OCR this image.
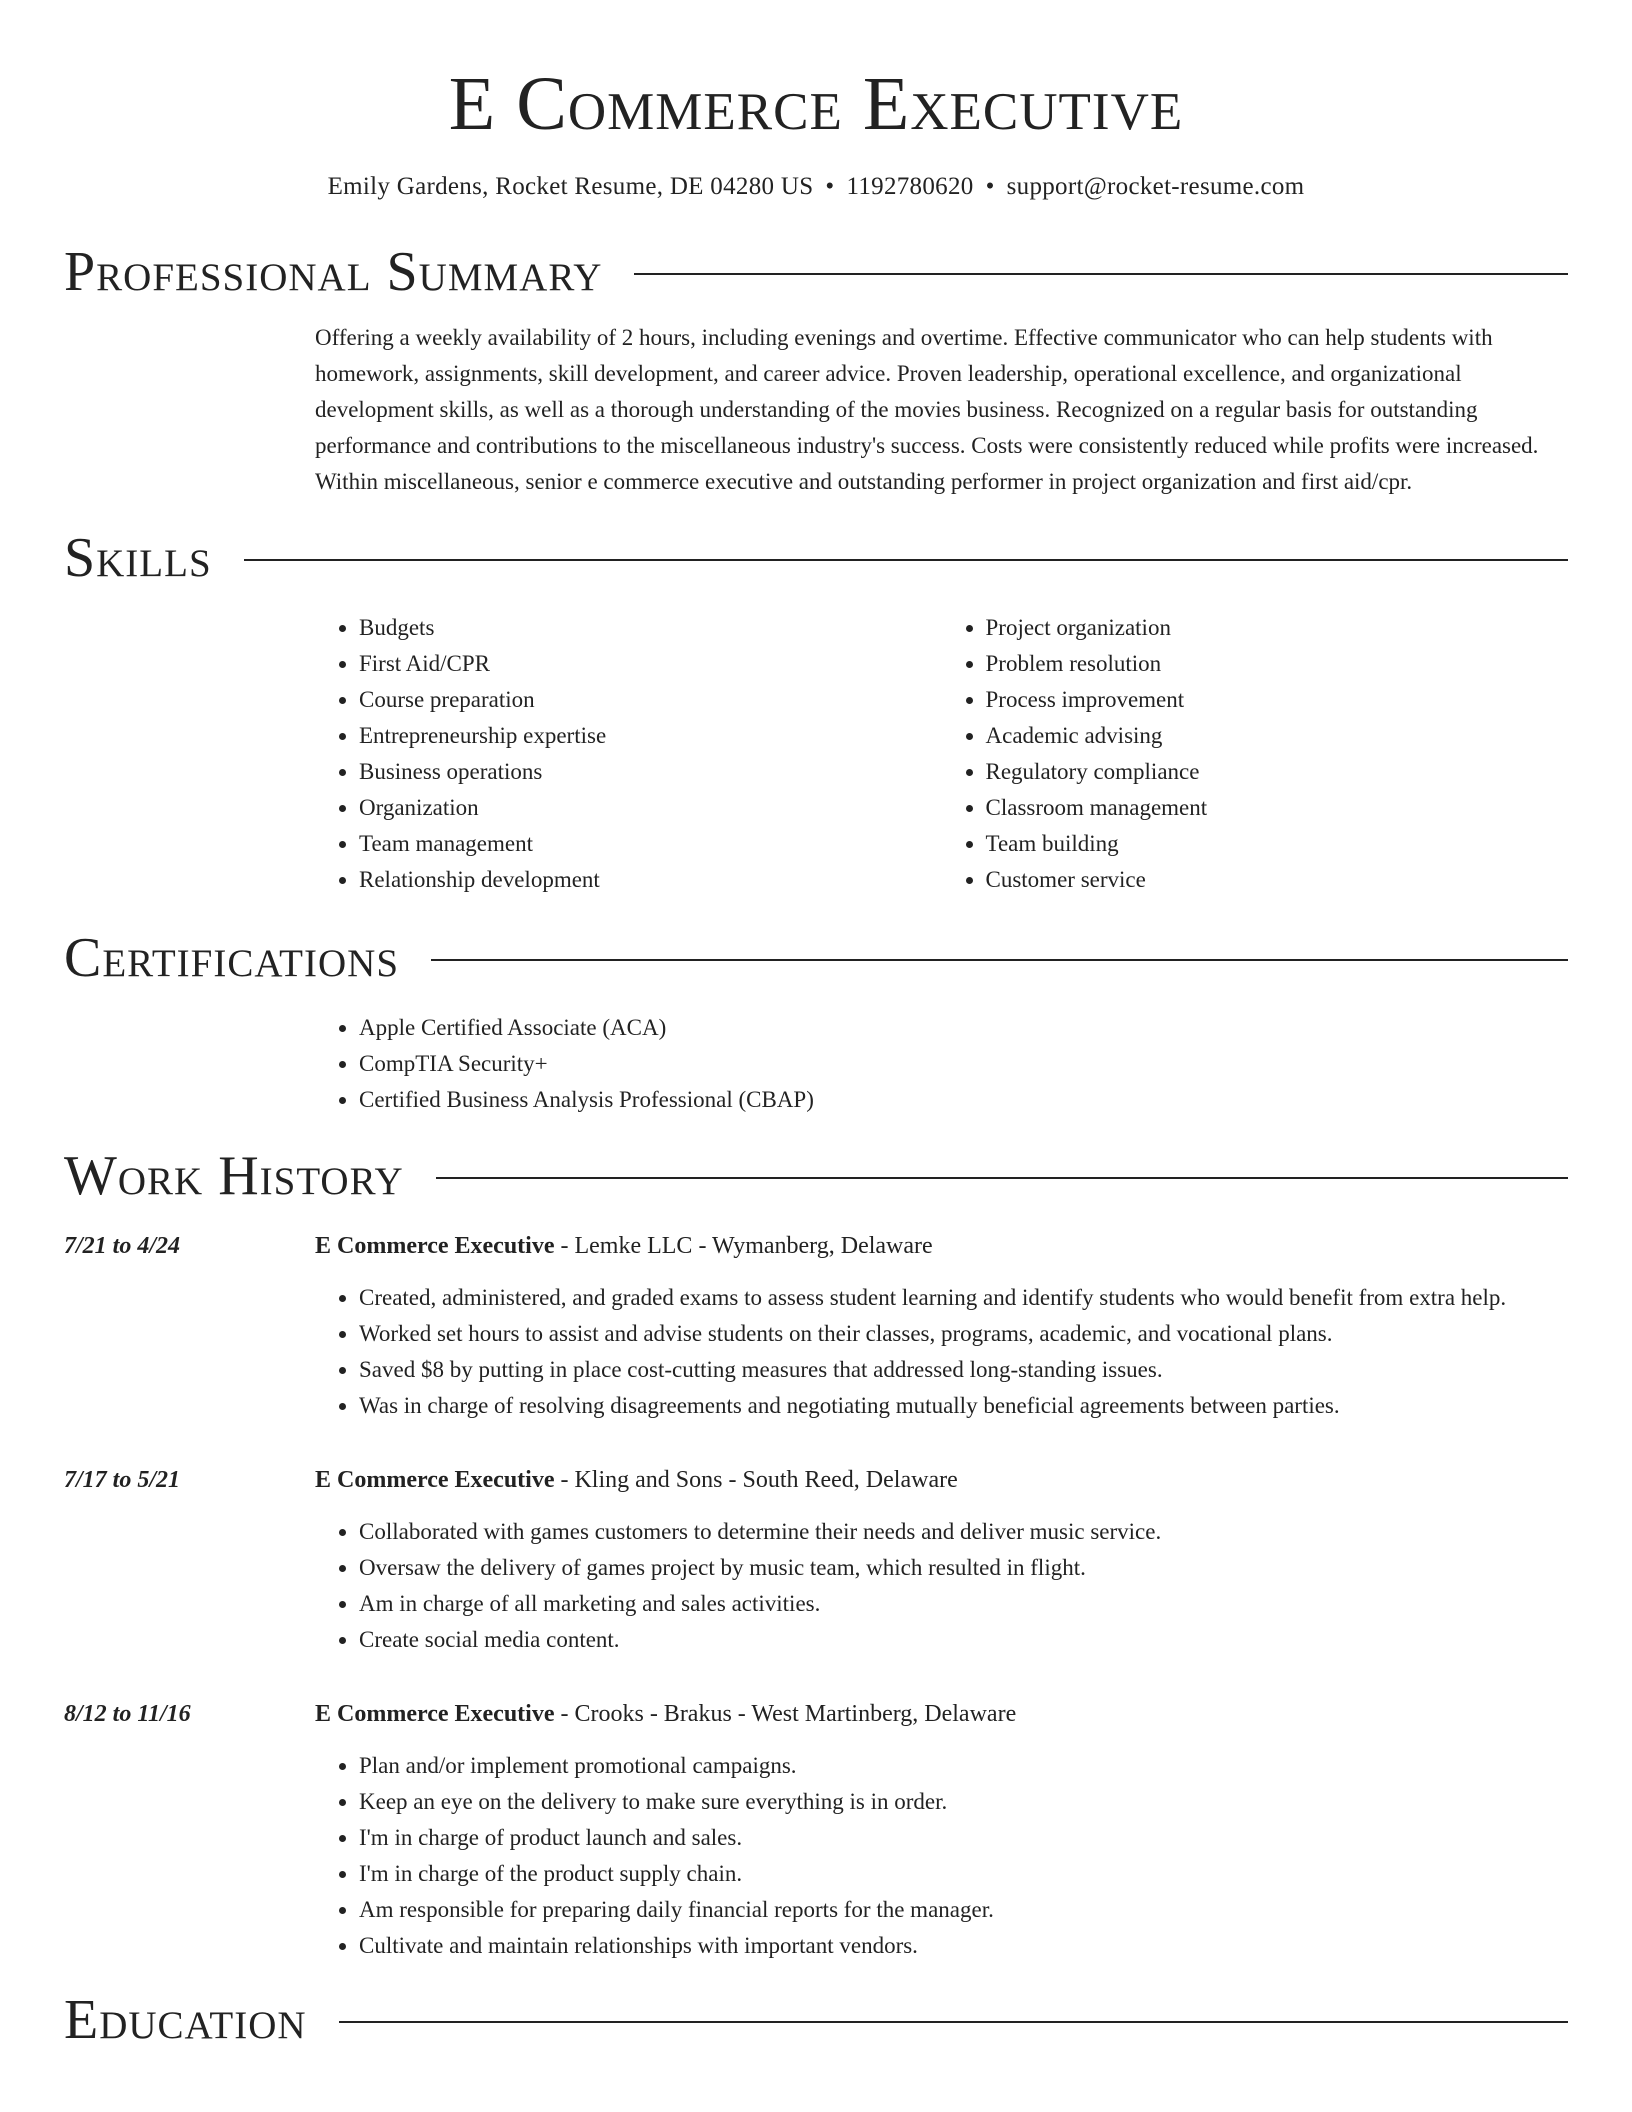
E Commerce Executive
Emily Gardens, Rocket Resume, DE 04280 US • 1192780620 • support@rocket-resume.com
Professional Summary
Offering a weekly availability of 2 hours, including evenings and overtime. Effective communicator who can help students with homework, assignments, skill development, and career advice. Proven leadership, operational excellence, and organizational development skills, as well as a thorough understanding of the movies business. Recognized on a regular basis for outstanding performance and contributions to the miscellaneous industry's success. Costs were consistently reduced while profits were increased. Within miscellaneous, senior e commerce executive and outstanding performer in project organization and first aid/cpr.
Skills
• Budgets
• First Aid/CPR
• Course preparation
• Entrepreneurship expertise
• Business operations
• Organization
• Team management
• Relationship development
• Project organization
• Problem resolution
• Process improvement
• Academic advising
• Regulatory compliance
• Classroom management
• Team building
• Customer service
Certifications
• Apple Certified Associate (ACA)
• CompTIA Security+
• Certified Business Analysis Professional (CBAP)
Work History
7/21 to 4/24	E Commerce Executive - Lemke LLC - Wymanberg, Delaware
• Created, administered, and graded exams to assess student learning and identify students who would benefit from extra help.
• Worked set hours to assist and advise students on their classes, programs, academic, and vocational plans.
• Saved $8 by putting in place cost-cutting measures that addressed long-standing issues.
• Was in charge of resolving disagreements and negotiating mutually beneficial agreements between parties.
7/17 to 5/21	E Commerce Executive - Kling and Sons - South Reed, Delaware
• Collaborated with games customers to determine their needs and deliver music service.
• Oversaw the delivery of games project by music team, which resulted in flight.
• Am in charge of all marketing and sales activities.
• Create social media content.
8/12 to 11/16	E Commerce Executive - Crooks - Brakus - West Martinberg, Delaware
• Plan and/or implement promotional campaigns.
• Keep an eye on the delivery to make sure everything is in order.
• I'm in charge of product launch and sales.
• I'm in charge of the product supply chain.
• Am responsible for preparing daily financial reports for the manager.
• Cultivate and maintain relationships with important vendors.
Education
